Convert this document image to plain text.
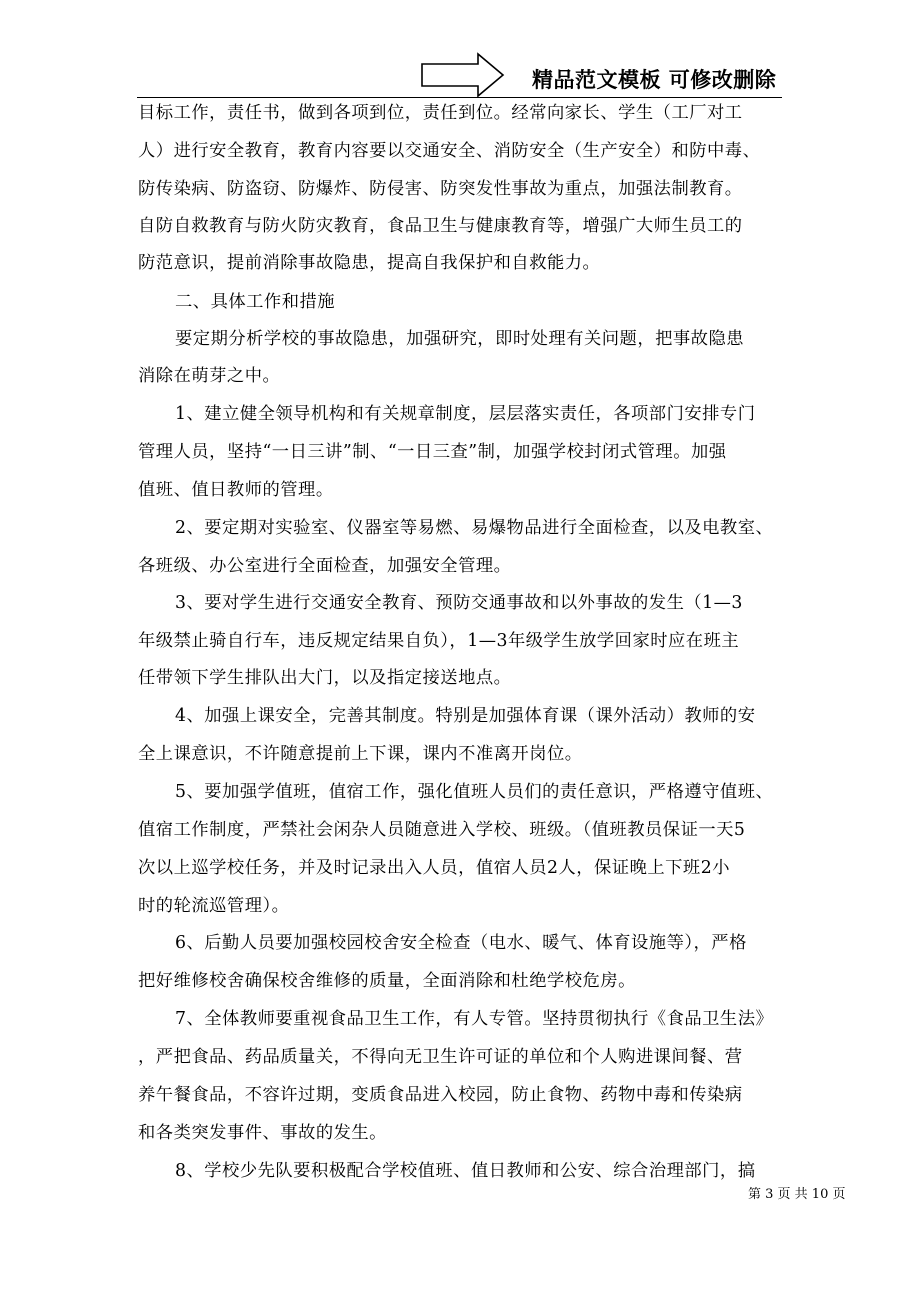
精品范文模板 可修改删除
目标工作，责任书，做到各项到位，责任到位。经常向家长、学生（工厂对工
人）进行安全教育，教育内容要以交通安全、消防安全（生产安全）和防中毒、
防传染病、防盗窃、防爆炸、防侵害、防突发性事故为重点，加强法制教育。
自防自救教育与防火防灾教育，食品卫生与健康教育等，增强广大师生员工的
防范意识，提前消除事故隐患，提高自我保护和自救能力。
二、具体工作和措施
要定期分析学校的事故隐患，加强研究，即时处理有关问题，把事故隐患
消除在萌芽之中。
1、建立健全领导机构和有关规章制度，层层落实责任，各项部门安排专门
管理人员，坚持“一日三讲”制、“一日三查”制，加强学校封闭式管理。加强
值班、值日教师的管理。
2、要定期对实验室、仪器室等易燃、易爆物品进行全面检查，以及电教室、
各班级、办公室进行全面检查，加强安全管理。
3、要对学生进行交通安全教育、预防交通事故和以外事故的发生（1—3
年级禁止骑自行车，违反规定结果自负），1—3年级学生放学回家时应在班主
任带领下学生排队出大门，以及指定接送地点。
4、加强上课安全，完善其制度。特别是加强体育课（课外活动）教师的安
全上课意识，不许随意提前上下课，课内不准离开岗位。
5、要加强学值班，值宿工作，强化值班人员们的责任意识，严格遵守值班、
值宿工作制度，严禁社会闲杂人员随意进入学校、班级。（值班教员保证一天5
次以上巡学校任务，并及时记录出入人员，值宿人员2人，保证晚上下班2小
时的轮流巡管理）。
6、后勤人员要加强校园校舍安全检查（电水、暖气、体育设施等），严格
把好维修校舍确保校舍维修的质量，全面消除和杜绝学校危房。
7、全体教师要重视食品卫生工作，有人专管。坚持贯彻执行《食品卫生法》
，严把食品、药品质量关，不得向无卫生许可证的单位和个人购进课间餐、营
养午餐食品，不容许过期，变质食品进入校园，防止食物、药物中毒和传染病
和各类突发事件、事故的发生。
8、学校少先队要积极配合学校值班、值日教师和公安、综合治理部门，搞
第 3 页 共 10 页
